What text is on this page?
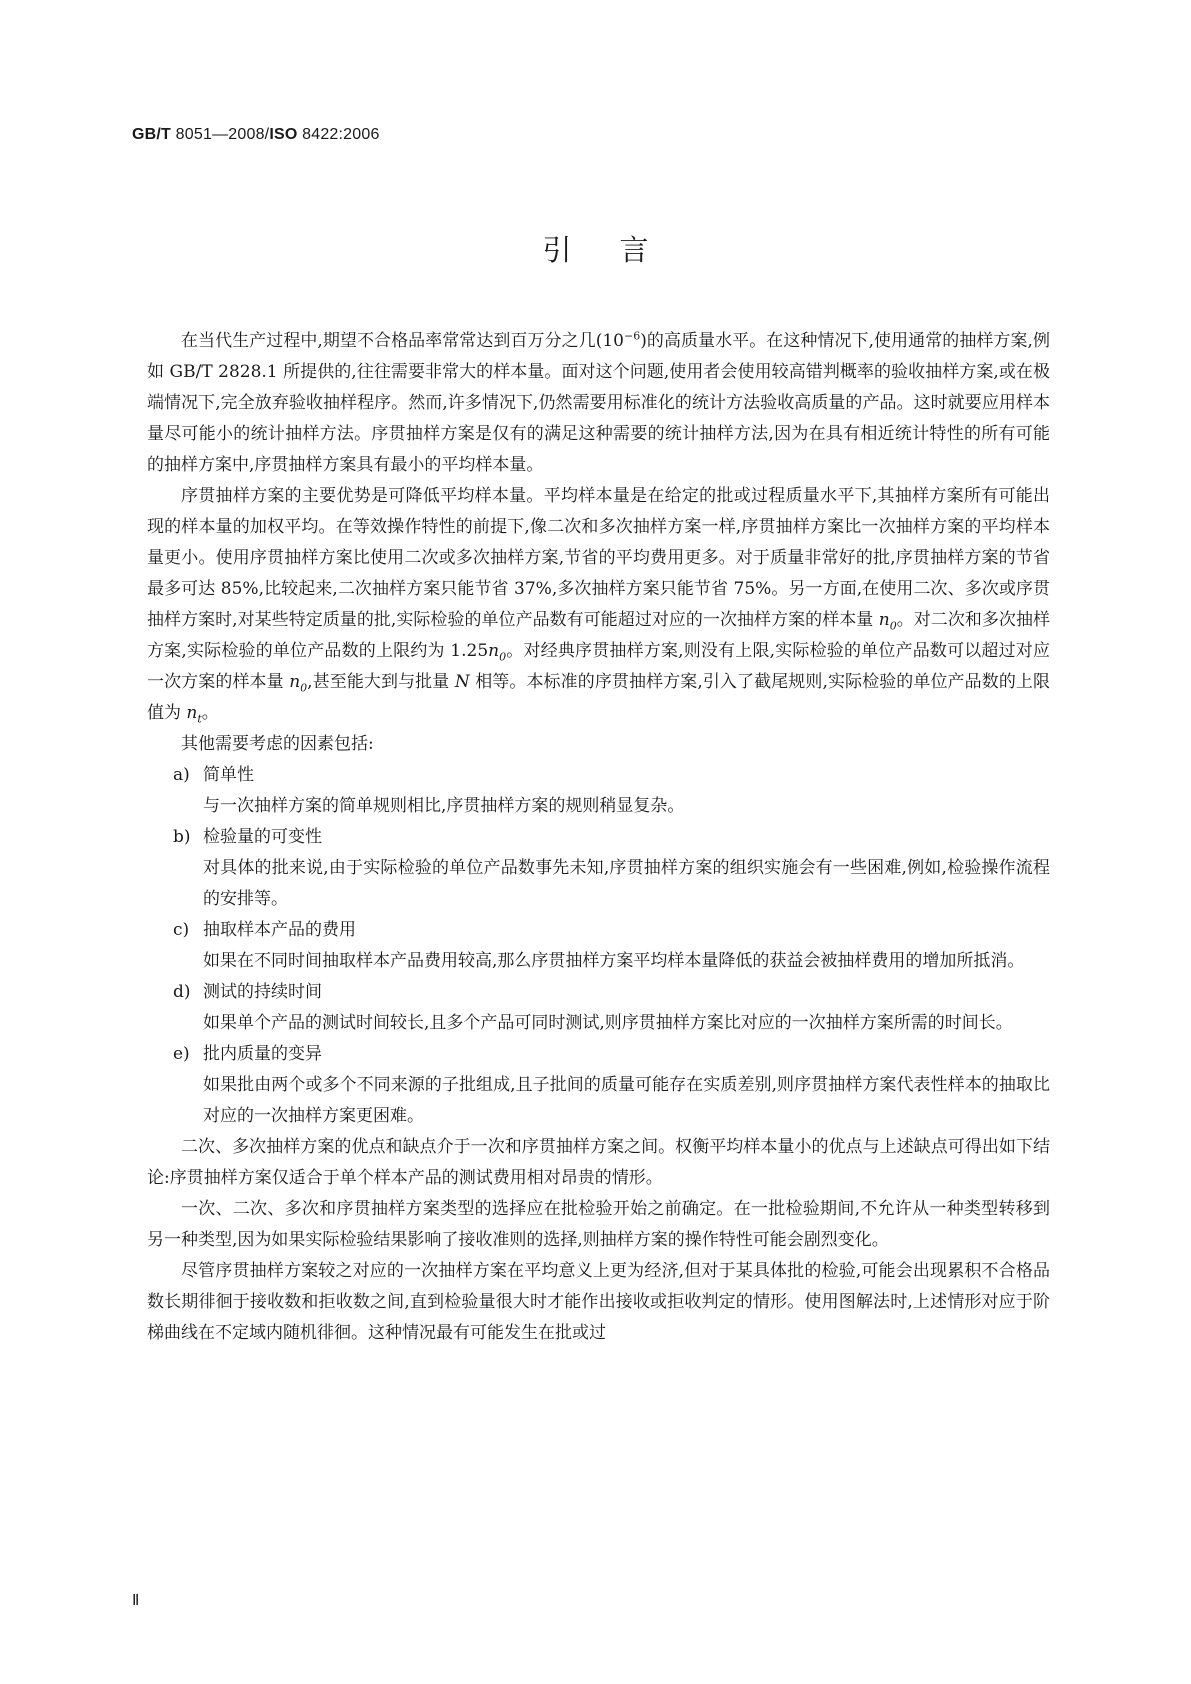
GB/T 8051—2008/ISO 8422:2006
引言

在当代生产过程中,期望不合格品率常常达到百万分之几$(10^{-6})$的高质量水平。在这种情况下,使用通常的抽样方案,例如 GB/T 2828.1 所提供的,往往需要非常大的样本量。面对这个问题,使用者会使用较高错判概率的验收抽样方案,或在极端情况下,完全放弃验收抽样程序。然而,许多情况下,仍然需要用标准化的统计方法验收高质量的产品。这时就要应用样本量尽可能小的统计抽样方法。序贯抽样方案是仅有的满足这种需要的统计抽样方法,因为在具有相近统计特性的所有可能的抽样方案中,序贯抽样方案具有最小的平均样本量。

序贯抽样方案的主要优势是可降低平均样本量。平均样本量是在给定的批或过程质量水平下,其抽样方案所有可能出现的样本量的加权平均。在等效操作特性的前提下,像二次和多次抽样方案一样,序贯抽样方案比一次抽样方案的平均样本量更小。使用序贯抽样方案比使用二次或多次抽样方案,节省的平均费用更多。对于质量非常好的批,序贯抽样方案的节省最多可达 85%,比较起来,二次抽样方案只能节省 37%,多次抽样方案只能节省 75%。另一方面,在使用二次、多次或序贯抽样方案时,对某些特定质量的批,实际检验的单位产品数有可能超过对应的一次抽样方案的样本量 $n_0$。对二次和多次抽样方案,实际检验的单位产品数的上限约为 $1.25n_0$。对经典序贯抽样方案,则没有上限,实际检验的单位产品数可以超过对应一次方案的样本量 $n_0$,甚至能大到与批量 N 相等。本标准的序贯抽样方案,引入了截尾规则,实际检验的单位产品数的上限值为 $n_t$。

其他需要考虑的因素包括:

a) 简单性

与一次抽样方案的简单规则相比,序贯抽样方案的规则稍显复杂。

b) 检验量的可变性

对具体的批来说,由于实际检验的单位产品数事先未知,序贯抽样方案的组织实施会有一些困难,例如,检验操作流程的安排等。

c) 抽取样本产品的费用

如果在不同时间抽取样本产品费用较高,那么序贯抽样方案平均样本量降低的获益会被抽样费用的增加所抵消。

d) 测试的持续时间

如果单个产品的测试时间较长,且多个产品可同时测试,则序贯抽样方案比对应的一次抽样方案所需的时间长。

e) 批内质量的变异

如果批由两个或多个不同来源的子批组成,且子批间的质量可能存在实质差别,则序贯抽样方案代表性样本的抽取比对应的一次抽样方案更困难。

二次、多次抽样方案的优点和缺点介于一次和序贯抽样方案之间。权衡平均样本量小的优点与上述缺点可得出如下结论:序贯抽样方案仅适合于单个样本产品的测试费用相对昂贵的情形。

一次、二次、多次和序贯抽样方案类型的选择应在批检验开始之前确定。在一批检验期间,不允许从一种类型转移到另一种类型,因为如果实际检验结果影响了接收准则的选择,则抽样方案的操作特性可能会剧烈变化。

尽管序贯抽样方案较之对应的一次抽样方案在平均意义上更为经济,但对于某具体批的检验,可能会出现累积不合格品数长期徘徊于接收数和拒收数之间,直到检验量很大时才能作出接收或拒收判定的情形。使用图解法时,上述情形对应于阶梯曲线在不定域内随机徘徊。这种情况最有可能发生在批或过

Ⅱ
